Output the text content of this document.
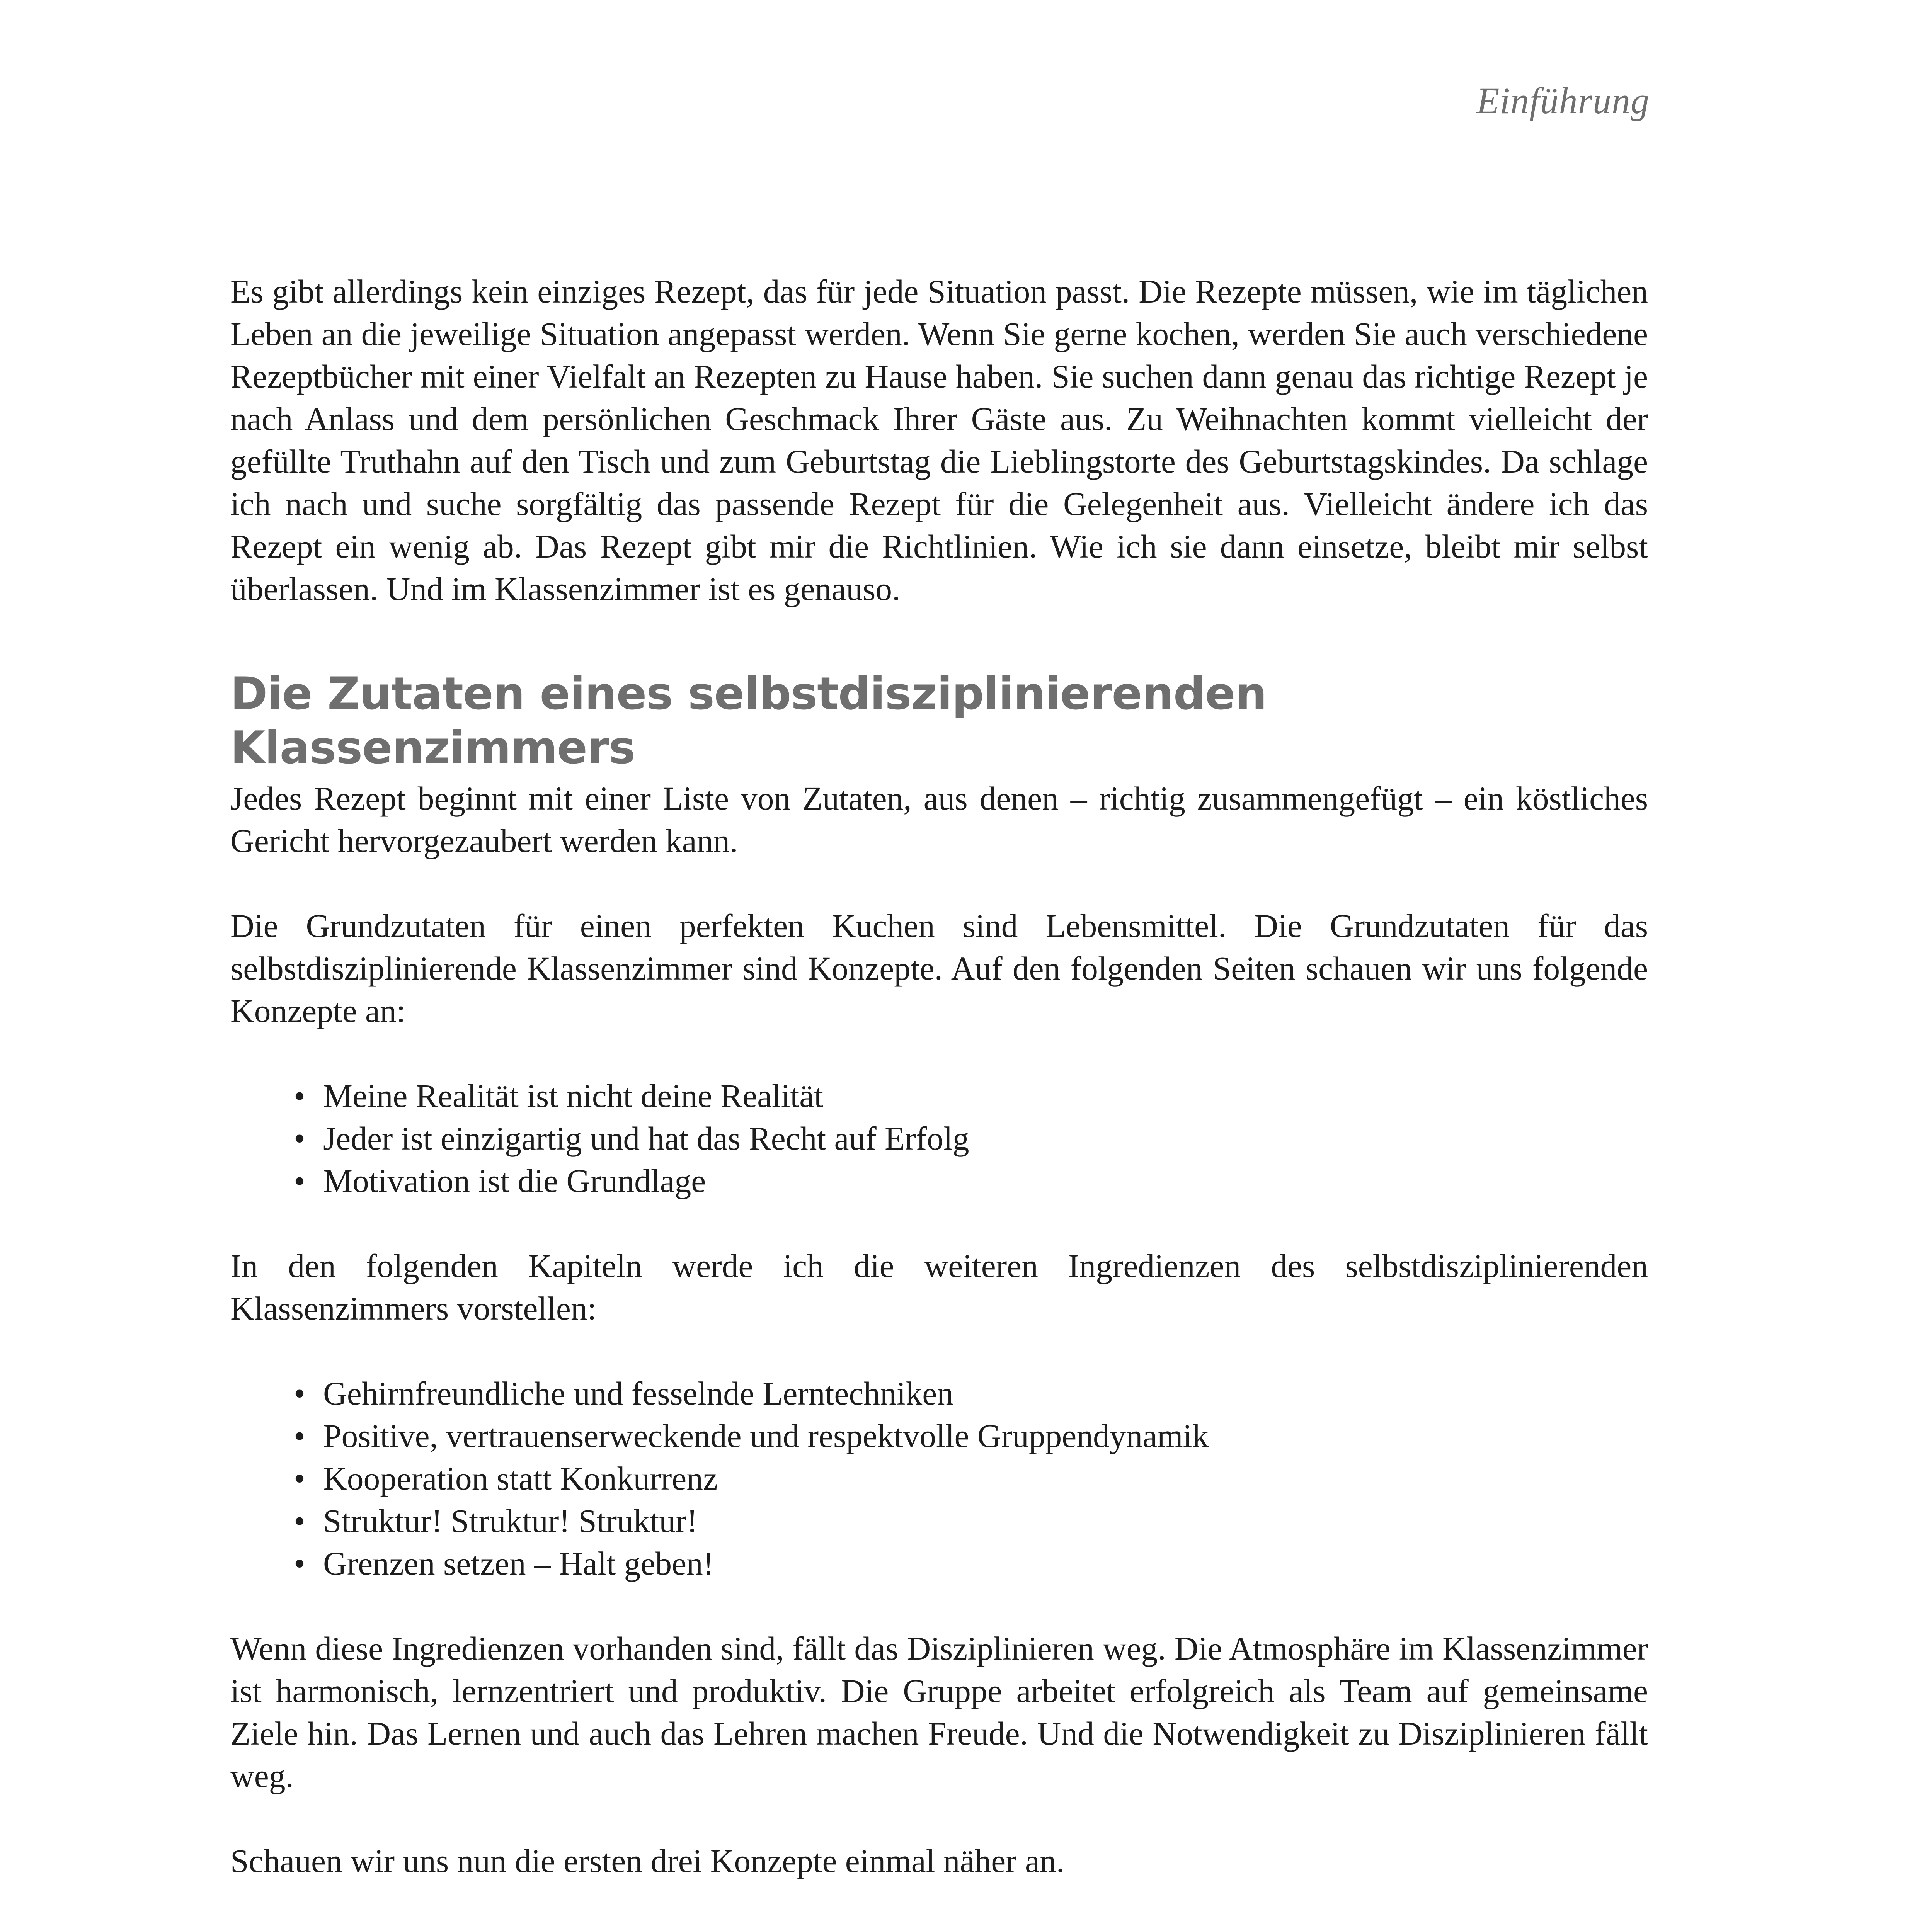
Einführung

Es gibt allerdings kein einziges Rezept, das für jede Situation passt. Die Rezepte müssen, wie im täglichen Leben an die jeweilige Situation angepasst werden. Wenn Sie gerne kochen, werden Sie auch verschiedene Rezeptbücher mit einer Vielfalt an Rezepten zu Hause haben. Sie suchen dann genau das richtige Rezept je nach Anlass und dem persönlichen Geschmack Ihrer Gäste aus. Zu Weihnachten kommt vielleicht der gefüllte Truthahn auf den Tisch und zum Geburtstag die Lieblingstorte des Geburtstagskindes. Da schlage ich nach und suche sorgfältig das passende Rezept für die Gelegenheit aus. Vielleicht ändere ich das Rezept ein wenig ab. Das Rezept gibt mir die Richtlinien. Wie ich sie dann einsetze, bleibt mir selbst überlassen. Und im Klassenzimmer ist es genauso.

Die Zutaten eines selbstdisziplinierenden Klassenzimmers

Jedes Rezept beginnt mit einer Liste von Zutaten, aus denen – richtig zusammengefügt – ein köstliches Gericht hervorgezaubert werden kann.

Die Grundzutaten für einen perfekten Kuchen sind Lebensmittel. Die Grundzutaten für das selbstdisziplinierende Klassenzimmer sind Konzepte. Auf den folgenden Seiten schauen wir uns folgende Konzepte an:

• Meine Realität ist nicht deine Realität
• Jeder ist einzigartig und hat das Recht auf Erfolg
• Motivation ist die Grundlage

In den folgenden Kapiteln werde ich die weiteren Ingredienzen des selbstdisziplinierenden Klassenzimmers vorstellen:

• Gehirnfreundliche und fesselnde Lerntechniken
• Positive, vertrauenserweckende und respektvolle Gruppendynamik
• Kooperation statt Konkurrenz
• Struktur! Struktur! Struktur!
• Grenzen setzen – Halt geben!

Wenn diese Ingredienzen vorhanden sind, fällt das Disziplinieren weg. Die Atmosphäre im Klassenzimmer ist harmonisch, lernzentriert und produktiv. Die Gruppe arbeitet erfolgreich als Team auf gemeinsame Ziele hin. Das Lernen und auch das Lehren machen Freude. Und die Notwendigkeit zu Disziplinieren fällt weg.

Schauen wir uns nun die ersten drei Konzepte einmal näher an.
